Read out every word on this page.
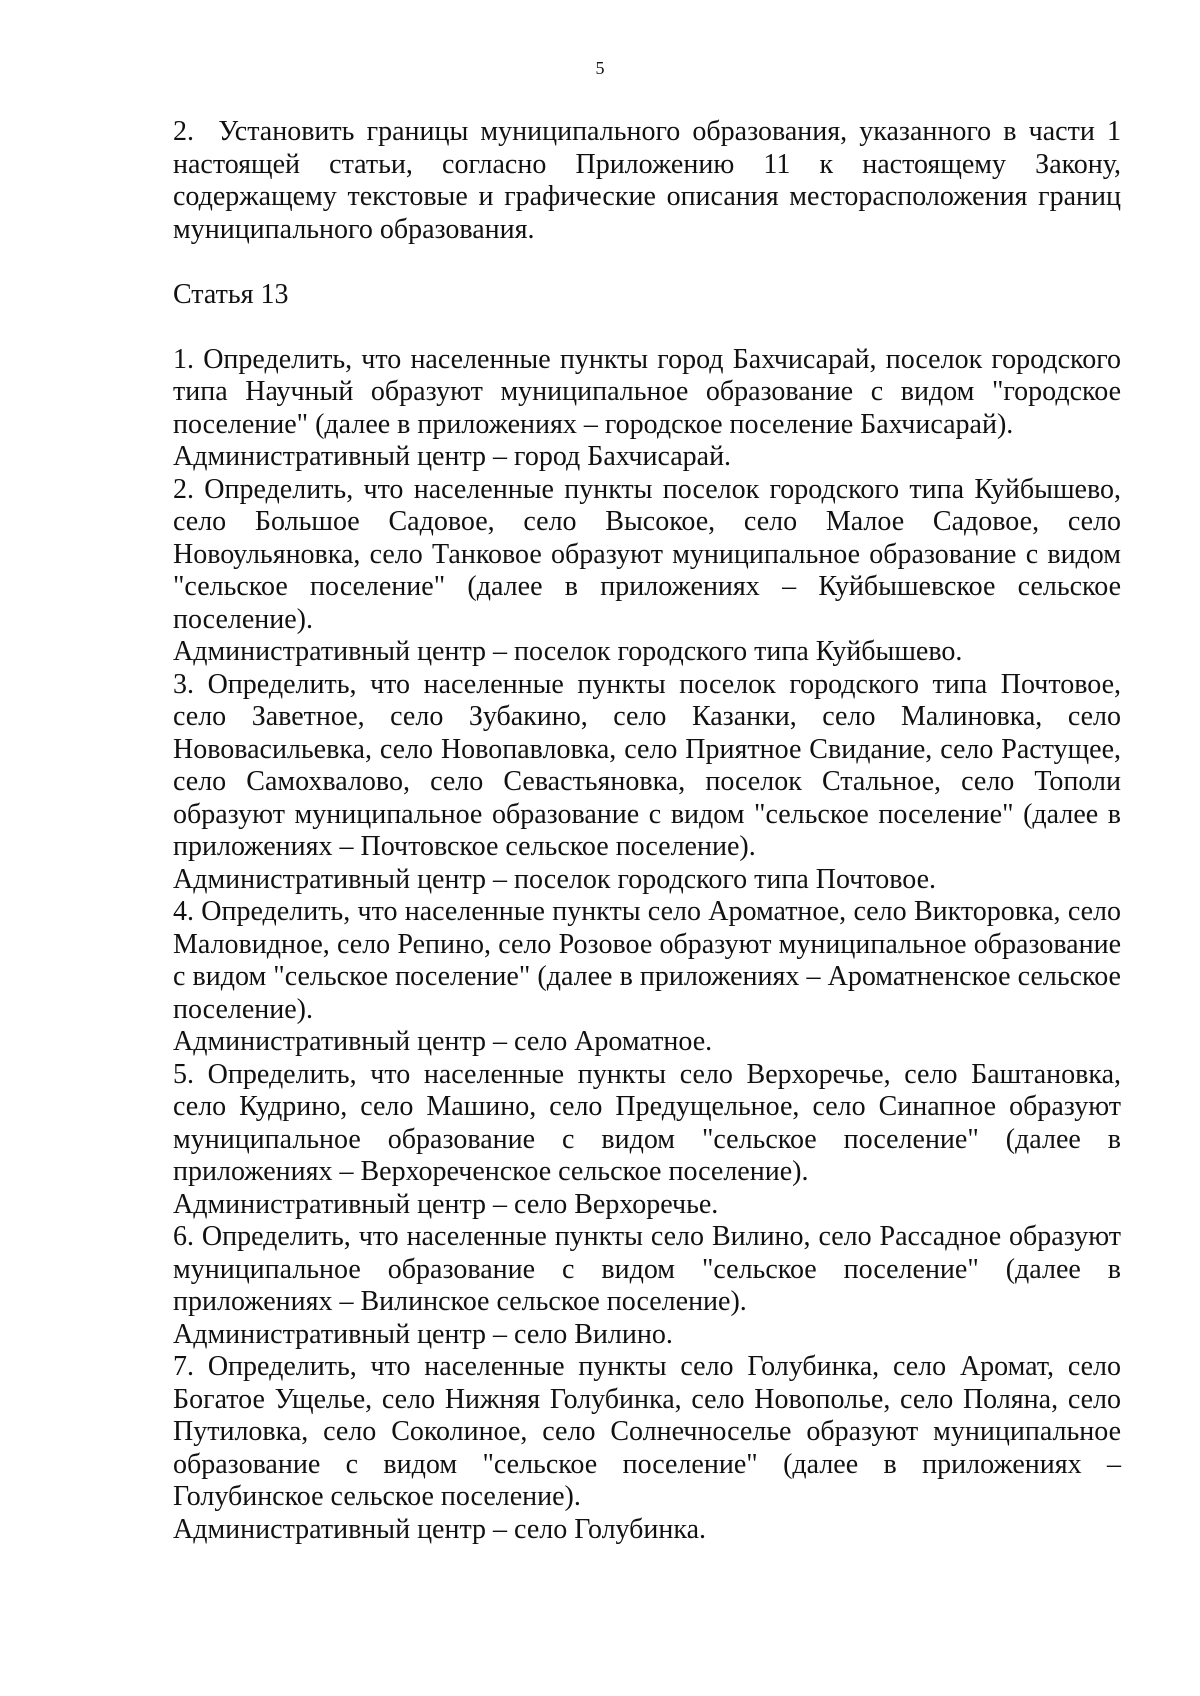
5

2.  Установить границы муниципального образования, указанного в части 1 настоящей статьи, согласно Приложению 11 к настоящему Закону, содержащему текстовые и графические описания месторасположения границ муниципального образования.

Статья 13

1. Определить, что населенные пункты город Бахчисарай, поселок городского типа Научный образуют муниципальное образование с видом "городское поселение" (далее в приложениях – городское поселение Бахчисарай).

Административный центр – город Бахчисарай.

2. Определить, что населенные пункты поселок городского типа Куйбышево, село Большое Садовое, село Высокое, село Малое Садовое, село Новоульяновка, село Танковое образуют муниципальное образование с видом "сельское поселение" (далее в приложениях – Куйбышевское сельское поселение).

Административный центр – поселок городского типа Куйбышево.

3. Определить, что населенные пункты поселок городского типа Почтовое, село Заветное, село Зубакино, село Казанки, село Малиновка, село Нововасильевка, село Новопавловка, село Приятное Свидание, село Растущее, село Самохвалово, село Севастьяновка, поселок Стальное, село Тополи образуют муниципальное образование с видом "сельское поселение" (далее в приложениях – Почтовское сельское поселение).

Административный центр – поселок городского типа Почтовое.

4. Определить, что населенные пункты село Ароматное, село Викторовка, село Маловидное, село Репино, село Розовое образуют муниципальное образование с видом "сельское поселение" (далее в приложениях – Ароматненское сельское поселение).

Административный центр – село Ароматное.

5. Определить, что населенные пункты село Верхоречье, село Баштановка, село Кудрино, село Машино, село Предущельное, село Синапное образуют муниципальное образование с видом "сельское поселение" (далее в приложениях – Верхореченское сельское поселение).

Административный центр – село Верхоречье.

6. Определить, что населенные пункты село Вилино, село Рассадное образуют муниципальное образование с видом "сельское поселение" (далее в приложениях – Вилинское сельское поселение).

Административный центр – село Вилино.

7. Определить, что населенные пункты село Голубинка, село Аромат, село Богатое Ущелье, село Нижняя Голубинка, село Новополье, село Поляна, село Путиловка, село Соколиное, село Солнечноселье образуют муниципальное образование с видом "сельское поселение" (далее в приложениях – Голубинское сельское поселение).

Административный центр – село Голубинка.
